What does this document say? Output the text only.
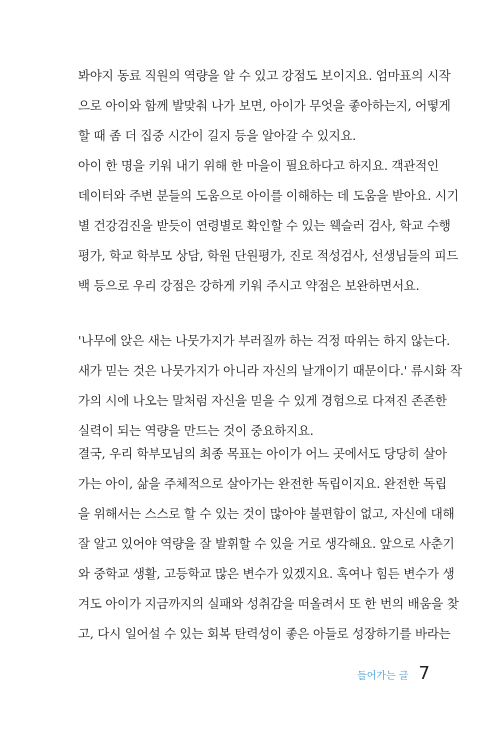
봐야지 동료 직원의 역량을 알 수 있고 강점도 보이지요. 엄마표의 시작
으로 아이와 함께 발맞춰 나가 보면, 아이가 무엇을 좋아하는지, 어떻게
할 때 좀 더 집중 시간이 길지 등을 알아갈 수 있지요.
아이 한 명을 키워 내기 위해 한 마을이 필요하다고 하지요. 객관적인
데이터와 주변 분들의 도움으로 아이를 이해하는 데 도움을 받아요. 시기
별 건강검진을 받듯이 연령별로 확인할 수 있는 웩슬러 검사, 학교 수행
평가, 학교 학부모 상담, 학원 단원평가, 진로 적성검사, 선생님들의 피드
백 등으로 우리 강점은 강하게 키워 주시고 약점은 보완하면서요.
'나무에 앉은 새는 나뭇가지가 부러질까 하는 걱정 따위는 하지 않는다.
새가 믿는 것은 나뭇가지가 아니라 자신의 날개이기 때문이다.' 류시화 작
가의 시에 나오는 말처럼 자신을 믿을 수 있게 경험으로 다져진 존존한
실력이 되는 역량을 만드는 것이 중요하지요.
결국, 우리 학부모님의 최종 목표는 아이가 어느 곳에서도 당당히 살아
가는 아이, 삶을 주체적으로 살아가는 완전한 독립이지요. 완전한 독립
을 위해서는 스스로 할 수 있는 것이 많아야 불편함이 없고, 자신에 대해
잘 알고 있어야 역량을 잘 발휘할 수 있을 거로 생각해요. 앞으로 사춘기
와 중학교 생활, 고등학교 많은 변수가 있겠지요. 혹여나 힘든 변수가 생
겨도 아이가 지금까지의 실패와 성취감을 떠올려서 또 한 번의 배움을 찾
고, 다시 일어설 수 있는 회복 탄력성이 좋은 아들로 성장하기를 바라는
들어가는 글 7
